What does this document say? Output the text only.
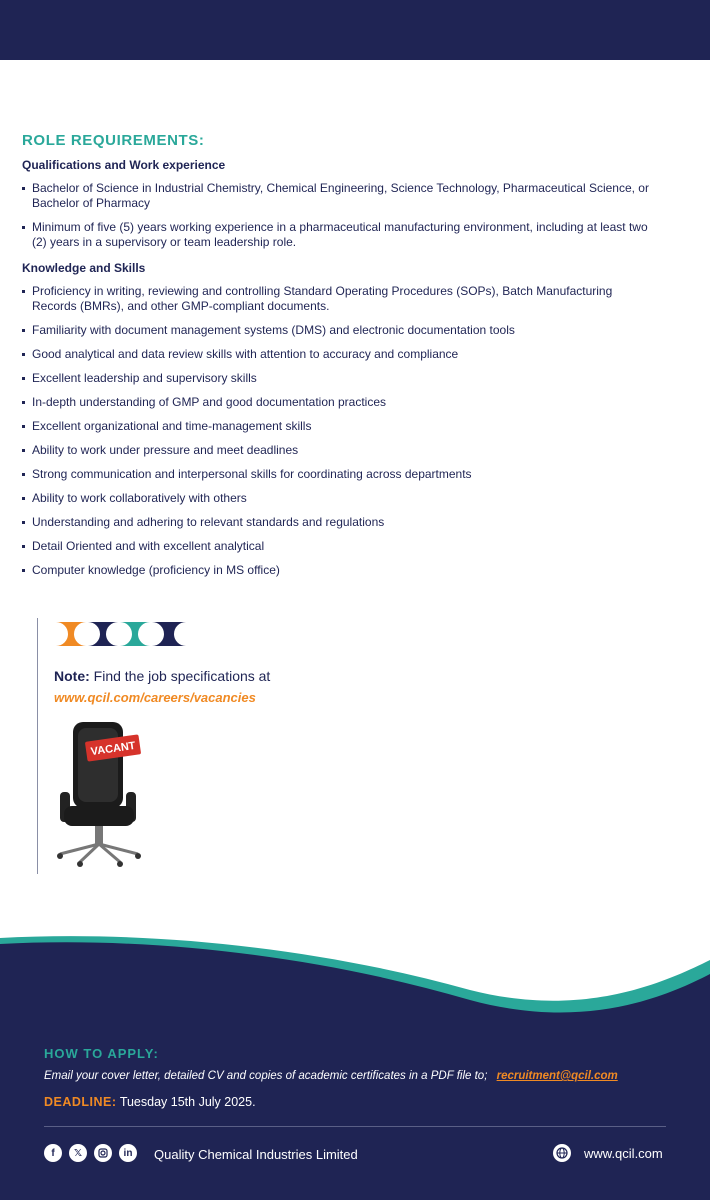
ROLE REQUIREMENTS:
Qualifications and Work experience
Bachelor of Science in Industrial Chemistry, Chemical Engineering, Science Technology, Pharmaceutical Science, or Bachelor of Pharmacy
Minimum of five (5) years working experience in a pharmaceutical manufacturing environment, including at least two (2) years in a supervisory or team leadership role.
Knowledge and Skills
Proficiency in writing, reviewing and controlling Standard Operating Procedures (SOPs), Batch Manufacturing Records (BMRs), and other GMP-compliant documents.
Familiarity with document management systems (DMS) and electronic documentation tools
Good analytical and data review skills with attention to accuracy and compliance
Excellent leadership and supervisory skills
In-depth understanding of GMP and good documentation practices
Excellent organizational and time-management skills
Ability to work under pressure and meet deadlines
Strong communication and interpersonal skills for coordinating across departments
Ability to work collaboratively with others
Understanding and adhering to relevant standards and regulations
Detail Oriented and with excellent analytical
Computer knowledge (proficiency in MS office)
Note: Find the job specifications at
www.qcil.com/careers/vacancies
VACANT
HOW TO APPLY:
Email your cover letter, detailed CV and copies of academic certificates in a PDF file to; recruitment@qcil.com
DEADLINE: Tuesday 15th July 2025.
f	𝕏	in	Quality Chemical Industries Limited	www.qcil.com
